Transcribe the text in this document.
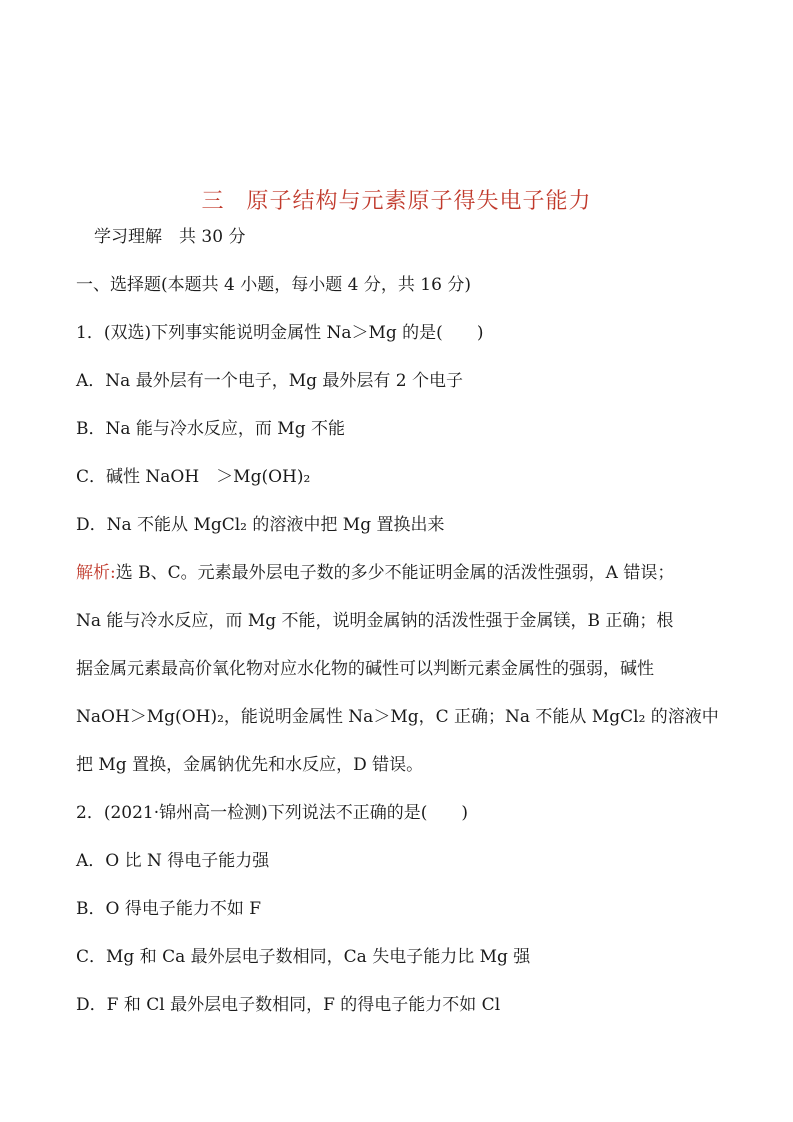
三 原子结构与元素原子得失电子能力
学习理解　共 30 分
一、选择题(本题共 4 小题，每小题 4 分，共 16 分)
1．(双选)下列事实能说明金属性 Na＞Mg 的是(　　)
A．Na 最外层有一个电子，Mg 最外层有 2 个电子
B．Na 能与冷水反应，而 Mg 不能
C．碱性 NaOH　＞Mg(OH)₂
D．Na 不能从 MgCl₂ 的溶液中把 Mg 置换出来
解析:选 B、C。元素最外层电子数的多少不能证明金属的活泼性强弱，A 错误；
Na 能与冷水反应，而 Mg 不能，说明金属钠的活泼性强于金属镁，B 正确；根
据金属元素最高价氧化物对应水化物的碱性可以判断元素金属性的强弱，碱性
NaOH＞Mg(OH)₂，能说明金属性 Na＞Mg，C 正确；Na 不能从 MgCl₂ 的溶液中
把 Mg 置换，金属钠优先和水反应，D 错误。
2．(2021·锦州高一检测)下列说法不正确的是(　　)
A．O 比 N 得电子能力强
B．O 得电子能力不如 F
C．Mg 和 Ca 最外层电子数相同，Ca 失电子能力比 Mg 强
D．F 和 Cl 最外层电子数相同，F 的得电子能力不如 Cl
